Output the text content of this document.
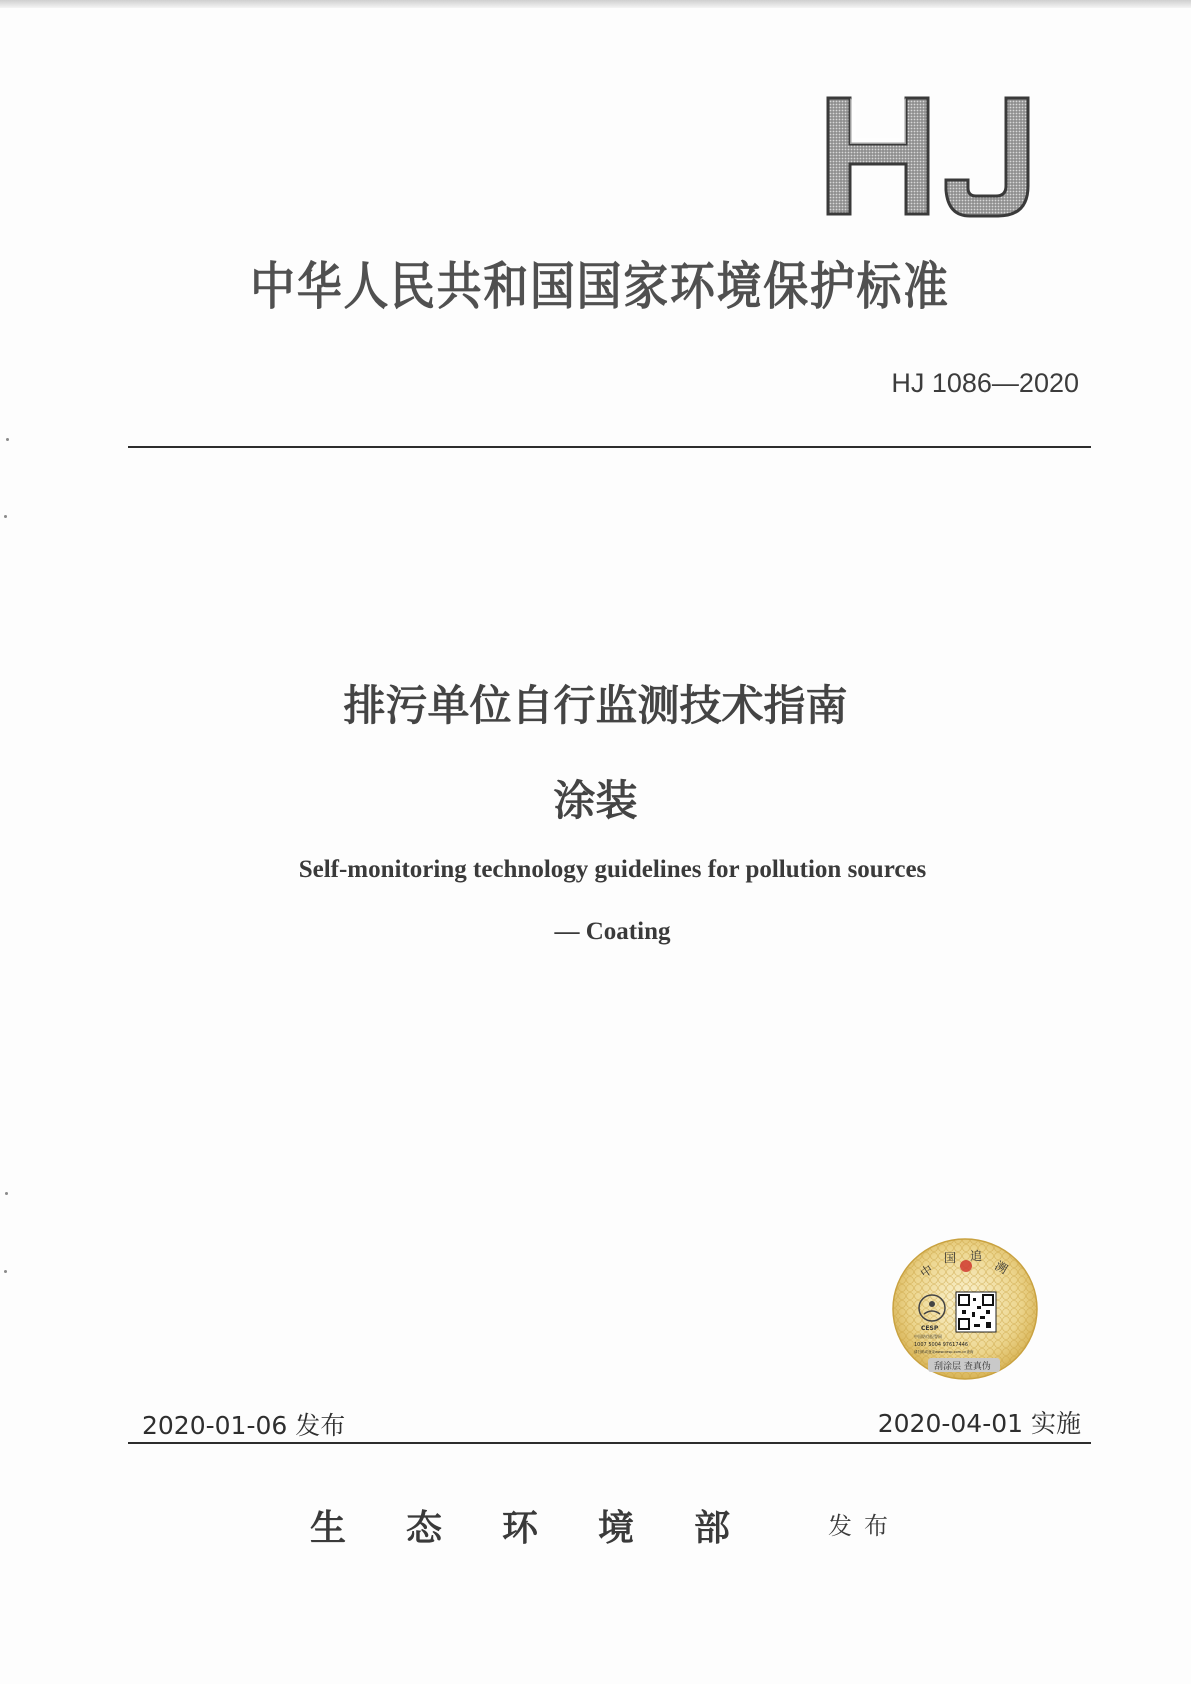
中华人民共和国国家环境保护标准
HJ 1086—2020
排污单位自行监测技术指南
涂装
Self-monitoring technology guidelines for pollution sources
— Coating
中
国 追
溯
CESP
中国防伪报警网
1007 5004 97617446
请扫码或登录www.cesp.com.cn查询
刮涂层 查真伪
2020-01-06 发布	2020-04-01 实施
生态环境部 发布
